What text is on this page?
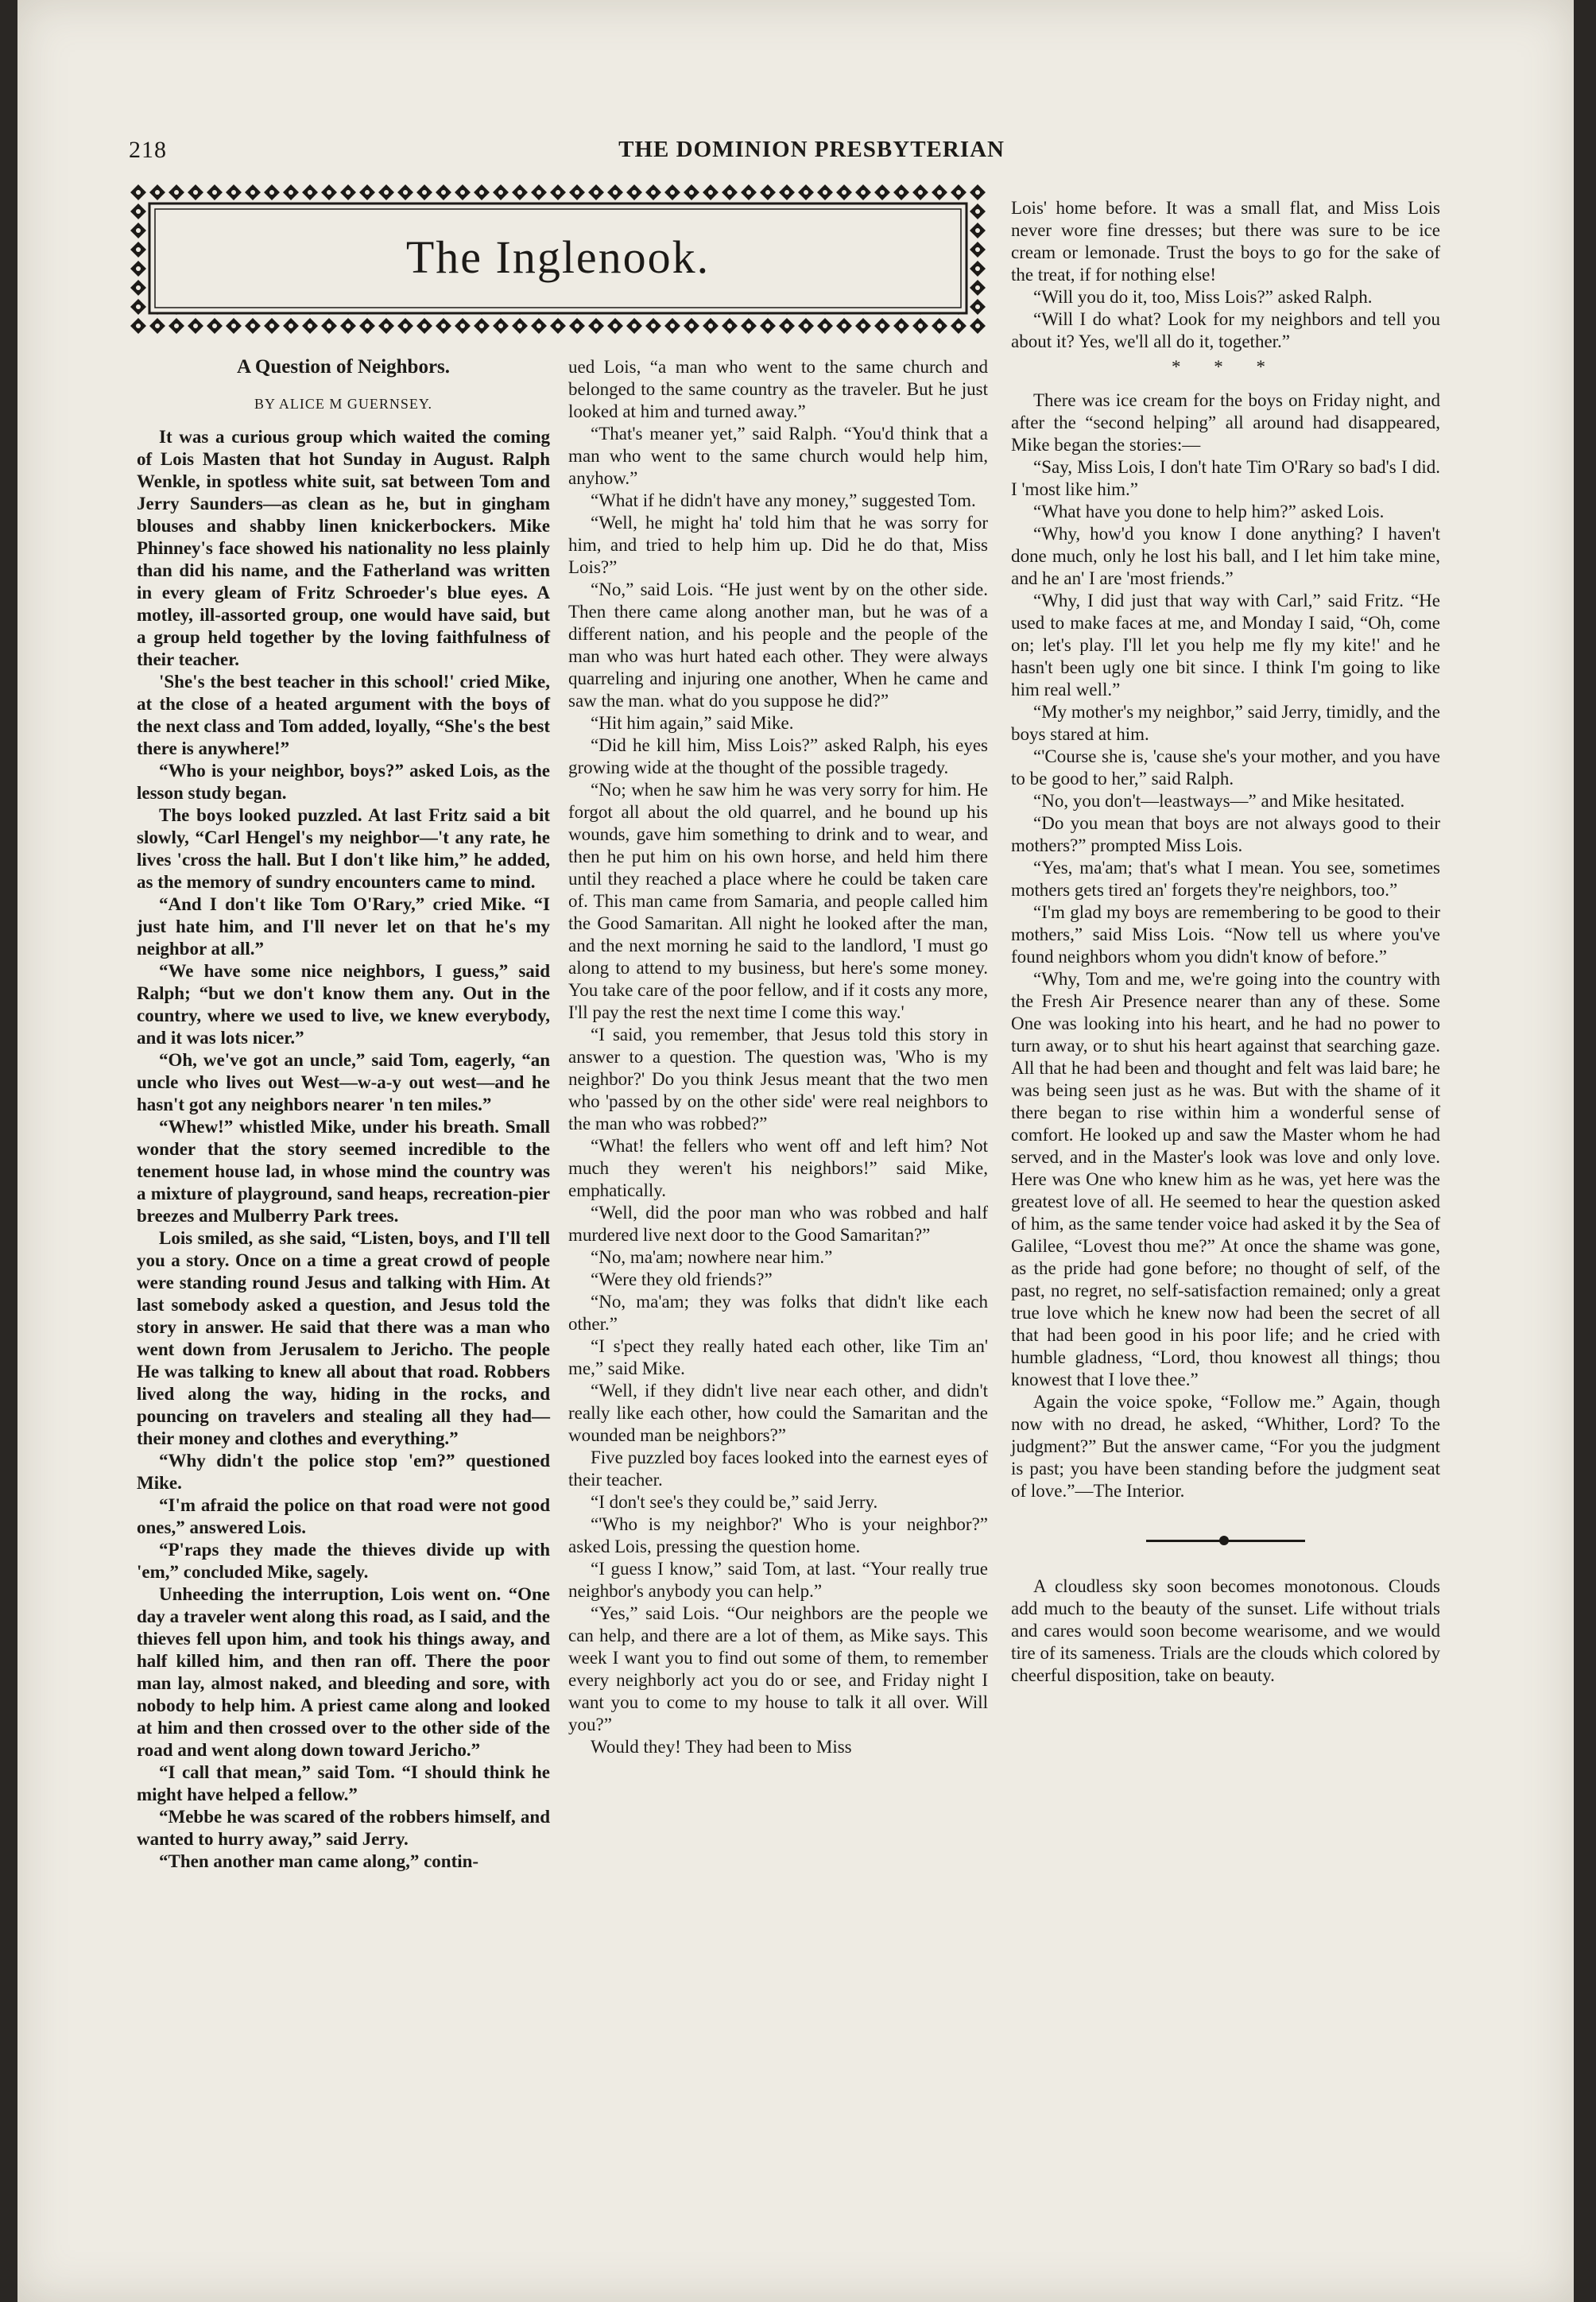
218	THE DOMINION PRESBYTERIAN
The Inglenook.
A Question of Neighbors.
BY ALICE M GUERNSEY.

It was a curious group which waited the coming of Lois Masten that hot Sunday in August. Ralph Wenkle, in spotless white suit, sat between Tom and Jerry Saunders—as clean as he, but in gingham blouses and shabby linen knickerbockers. Mike Phinney's face showed his nationality no less plainly than did his name, and the Fatherland was written in every gleam of Fritz Schroeder's blue eyes. A motley, ill-assorted group, one would have said, but a group held together by the loving faithfulness of their teacher.

'She's the best teacher in this school!' cried Mike, at the close of a heated argument with the boys of the next class and Tom added, loyally, “She's the best there is anywhere!”

“Who is your neighbor, boys?” asked Lois, as the lesson study began.

The boys looked puzzled. At last Fritz said a bit slowly, “Carl Hengel's my neighbor—'t any rate, he lives 'cross the hall. But I don't like him,” he added, as the memory of sundry encounters came to mind.

“And I don't like Tom O'Rary,” cried Mike. “I just hate him, and I'll never let on that he's my neighbor at all.”

“We have some nice neighbors, I guess,” said Ralph; “but we don't know them any. Out in the country, where we used to live, we knew everybody, and it was lots nicer.”

“Oh, we've got an uncle,” said Tom, eagerly, “an uncle who lives out West—w-a-y out west—and he hasn't got any neighbors nearer 'n ten miles.”

“Whew!” whistled Mike, under his breath. Small wonder that the story seemed incredible to the tenement house lad, in whose mind the country was a mixture of playground, sand heaps, recreation-pier breezes and Mulberry Park trees.

Lois smiled, as she said, “Listen, boys, and I'll tell you a story. Once on a time a great crowd of people were standing round Jesus and talking with Him. At last somebody asked a question, and Jesus told the story in answer. He said that there was a man who went down from Jerusalem to Jericho. The people He was talking to knew all about that road. Robbers lived along the way, hiding in the rocks, and pouncing on travelers and stealing all they had—their money and clothes and everything.”

“Why didn't the police stop 'em?” questioned Mike.

“I'm afraid the police on that road were not good ones,” answered Lois.

“P'raps they made the thieves divide up with 'em,” concluded Mike, sagely.

Unheeding the interruption, Lois went on. “One day a traveler went along this road, as I said, and the thieves fell upon him, and took his things away, and half killed him, and then ran off. There the poor man lay, almost naked, and bleeding and sore, with nobody to help him. A priest came along and looked at him and then crossed over to the other side of the road and went along down toward Jericho.”

“I call that mean,” said Tom. “I should think he might have helped a fellow.”

“Mebbe he was scared of the robbers himself, and wanted to hurry away,” said Jerry.

“Then another man came along,” contin-

ued Lois, “a man who went to the same church and belonged to the same country as the traveler. But he just looked at him and turned away.”

“That's meaner yet,” said Ralph. “You'd think that a man who went to the same church would help him, anyhow.”

“What if he didn't have any money,” suggested Tom.

“Well, he might ha' told him that he was sorry for him, and tried to help him up. Did he do that, Miss Lois?”

“No,” said Lois. “He just went by on the other side. Then there came along another man, but he was of a different nation, and his people and the people of the man who was hurt hated each other. They were always quarreling and injuring one another, When he came and saw the man. what do you suppose he did?”

“Hit him again,” said Mike.

“Did he kill him, Miss Lois?” asked Ralph, his eyes growing wide at the thought of the possible tragedy.

“No; when he saw him he was very sorry for him. He forgot all about the old quarrel, and he bound up his wounds, gave him something to drink and to wear, and then he put him on his own horse, and held him there until they reached a place where he could be taken care of. This man came from Samaria, and people called him the Good Samaritan. All night he looked after the man, and the next morning he said to the landlord, 'I must go along to attend to my business, but here's some money. You take care of the poor fellow, and if it costs any more, I'll pay the rest the next time I come this way.'

“I said, you remember, that Jesus told this story in answer to a question. The question was, 'Who is my neighbor?' Do you think Jesus meant that the two men who 'passed by on the other side' were real neighbors to the man who was robbed?”

“What! the fellers who went off and left him? Not much they weren't his neighbors!” said Mike, emphatically.

“Well, did the poor man who was robbed and half murdered live next door to the Good Samaritan?”

“No, ma'am; nowhere near him.”

“Were they old friends?”

“No, ma'am; they was folks that didn't like each other.”

“I s'pect they really hated each other, like Tim an' me,” said Mike.

“Well, if they didn't live near each other, and didn't really like each other, how could the Samaritan and the wounded man be neighbors?”

Five puzzled boy faces looked into the earnest eyes of their teacher.

“I don't see's they could be,” said Jerry.

“'Who is my neighbor?' Who is your neighbor?” asked Lois, pressing the question home.

“I guess I know,” said Tom, at last. “Your really true neighbor's anybody you can help.”

“Yes,” said Lois. “Our neighbors are the people we can help, and there are a lot of them, as Mike says. This week I want you to find out some of them, to remember every neighborly act you do or see, and Friday night I want you to come to my house to talk it all over. Will you?”

Would they! They had been to Miss

Lois' home before. It was a small flat, and Miss Lois never wore fine dresses; but there was sure to be ice cream or lemonade. Trust the boys to go for the sake of the treat, if for nothing else!

“Will you do it, too, Miss Lois?” asked Ralph.

“Will I do what? Look for my neighbors and tell you about it? Yes, we'll all do it, together.”

* * *

There was ice cream for the boys on Friday night, and after the “second helping” all around had disappeared, Mike began the stories:—

“Say, Miss Lois, I don't hate Tim O'Rary so bad's I did. I 'most like him.”

“What have you done to help him?” asked Lois.

“Why, how'd you know I done anything? I haven't done much, only he lost his ball, and I let him take mine, and he an' I are 'most friends.”

“Why, I did just that way with Carl,” said Fritz. “He used to make faces at me, and Monday I said, “Oh, come on; let's play. I'll let you help me fly my kite!' and he hasn't been ugly one bit since. I think I'm going to like him real well.”

“My mother's my neighbor,” said Jerry, timidly, and the boys stared at him.

“'Course she is, 'cause she's your mother, and you have to be good to her,” said Ralph.

“No, you don't—leastways—” and Mike hesitated.

“Do you mean that boys are not always good to their mothers?” prompted Miss Lois.

“Yes, ma'am; that's what I mean. You see, sometimes mothers gets tired an' forgets they're neighbors, too.”

“I'm glad my boys are remembering to be good to their mothers,” said Miss Lois. “Now tell us where you've found neighbors whom you didn't know of before.”

“Why, Tom and me, we're going into the country with the Fresh Air Presence nearer than any of these. Some One was looking into his heart, and he had no power to turn away, or to shut his heart against that searching gaze. All that he had been and thought and felt was laid bare; he was being seen just as he was. But with the shame of it there began to rise within him a wonderful sense of comfort. He looked up and saw the Master whom he had served, and in the Master's look was love and only love. Here was One who knew him as he was, yet here was the greatest love of all. He seemed to hear the question asked of him, as the same tender voice had asked it by the Sea of Galilee, “Lovest thou me?” At once the shame was gone, as the pride had gone before; no thought of self, of the past, no regret, no self-satisfaction remained; only a great true love which he knew now had been the secret of all that had been good in his poor life; and he cried with humble gladness, “Lord, thou knowest all things; thou knowest that I love thee.”

Again the voice spoke, “Follow me.” Again, though now with no dread, he asked, “Whither, Lord? To the judgment?” But the answer came, “For you the judgment is past; you have been standing before the judgment seat of love.”—The Interior.

A cloudless sky soon becomes monotonous. Clouds add much to the beauty of the sunset. Life without trials and cares would soon become wearisome, and we would tire of its sameness. Trials are the clouds which colored by cheerful disposition, take on beauty.
